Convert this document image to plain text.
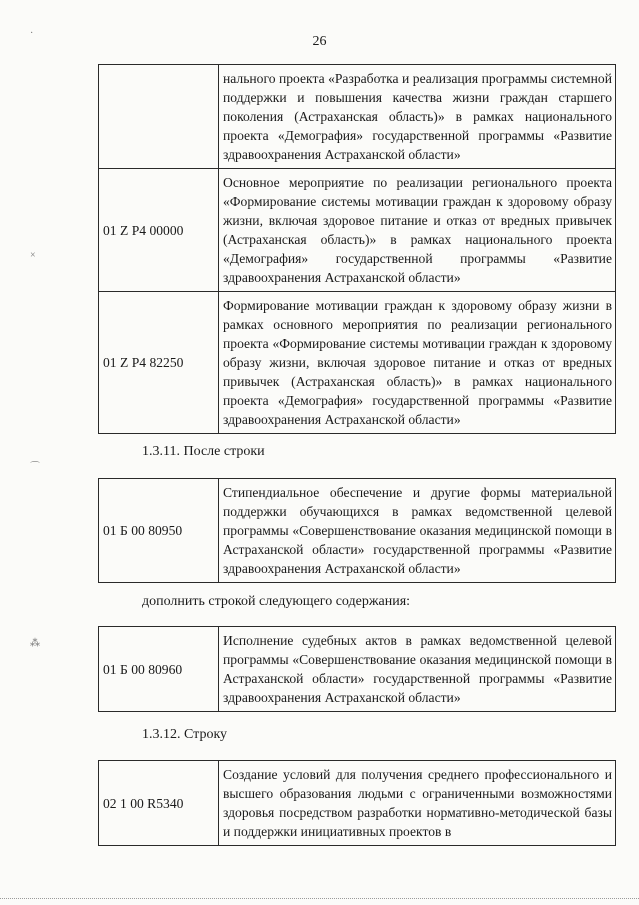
26
·
×
⌒
⁂
	нального проекта «Разработка и реализация программы системной поддержки и повышения качества жизни граждан старшего поколения (Астраханская область)» в рамках национального проекта «Демография» государственной программы «Развитие здравоохранения Астраханской области»
01 Z P4 00000	Основное мероприятие по реализации регионального проекта «Формирование системы мотивации граждан к здоровому образу жизни, включая здоровое питание и отказ от вредных привычек (Астраханская область)» в рамках национального проекта «Демография» государственной программы «Развитие здравоохранения Астраханской области»
01 Z P4 82250	Формирование мотивации граждан к здоровому образу жизни в рамках основного мероприятия по реализации регионального проекта «Формирование системы мотивации граждан к здоровому образу жизни, включая здоровое питание и отказ от вредных привычек (Астраханская область)» в рамках национального проекта «Демография» государственной программы «Развитие здравоохранения Астраханской области»
1.3.11. После строки
01 Б 00 80950	Стипендиальное обеспечение и другие формы материальной поддержки обучающихся в рамках ведомственной целевой программы «Совершенствование оказания медицинской помощи в Астраханской области» государственной программы «Развитие здравоохранения Астраханской области»
дополнить строкой следующего содержания:
01 Б 00 80960	Исполнение судебных актов в рамках ведомственной целевой программы «Совершенствование оказания медицинской помощи в Астраханской области» государственной программы «Развитие здравоохранения Астраханской области»
1.3.12. Строку
02 1 00 R5340	Создание условий для получения среднего профессионального и высшего образования людьми с ограниченными возможностями здоровья посредством разработки нормативно-методической базы и поддержки инициативных проектов в
